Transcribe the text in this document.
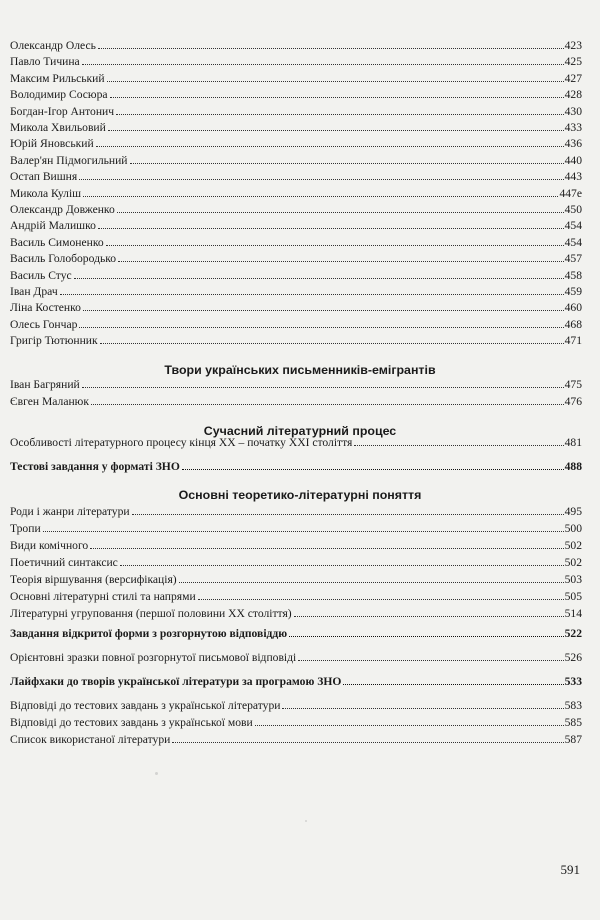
Олександр Олесь	423
Павло Тичина	425
Максим Рильський	427
Володимир Сосюра	428
Богдан-Ігор Антонич	430
Микола Хвильовий	433
Юрій Яновський	436
Валер'ян Підмогильний	440
Остап Вишня	443
Микола Куліш	447е
Олександр Довженко	450
Андрій Малишко	454
Василь Симоненко	454
Василь Голобородько	457
Василь Стус	458
Іван Драч	459
Ліна Костенко	460
Олесь Гончар	468
Григір Тютюнник	471
Твори українських письменників-емігрантів
Іван Багряний	475
Євген Маланюк	476
Сучасний літературний процес
Особливості літературного процесу кінця XX – початку XXI століття	481
Тестові завдання у форматі ЗНО	488
Основні теоретико-літературні поняття
Роди і жанри літератури	495
Тропи	500
Види комічного	502
Поетичний синтаксис	502
Теорія віршування (версифікація)	503
Основні літературні стилі та напрями	505
Літературні угруповання (першої половини XX століття)	514
Завдання відкритої форми з розгорнутою відповіддю	522
Орієнтовні зразки повної розгорнутої письмової відповіді	526
Лайфхаки до творів української літератури за програмою ЗНО	533
Відповіді до тестових завдань з української літератури	583
Відповіді до тестових завдань з української мови	585
Список використаної літератури	587
591
